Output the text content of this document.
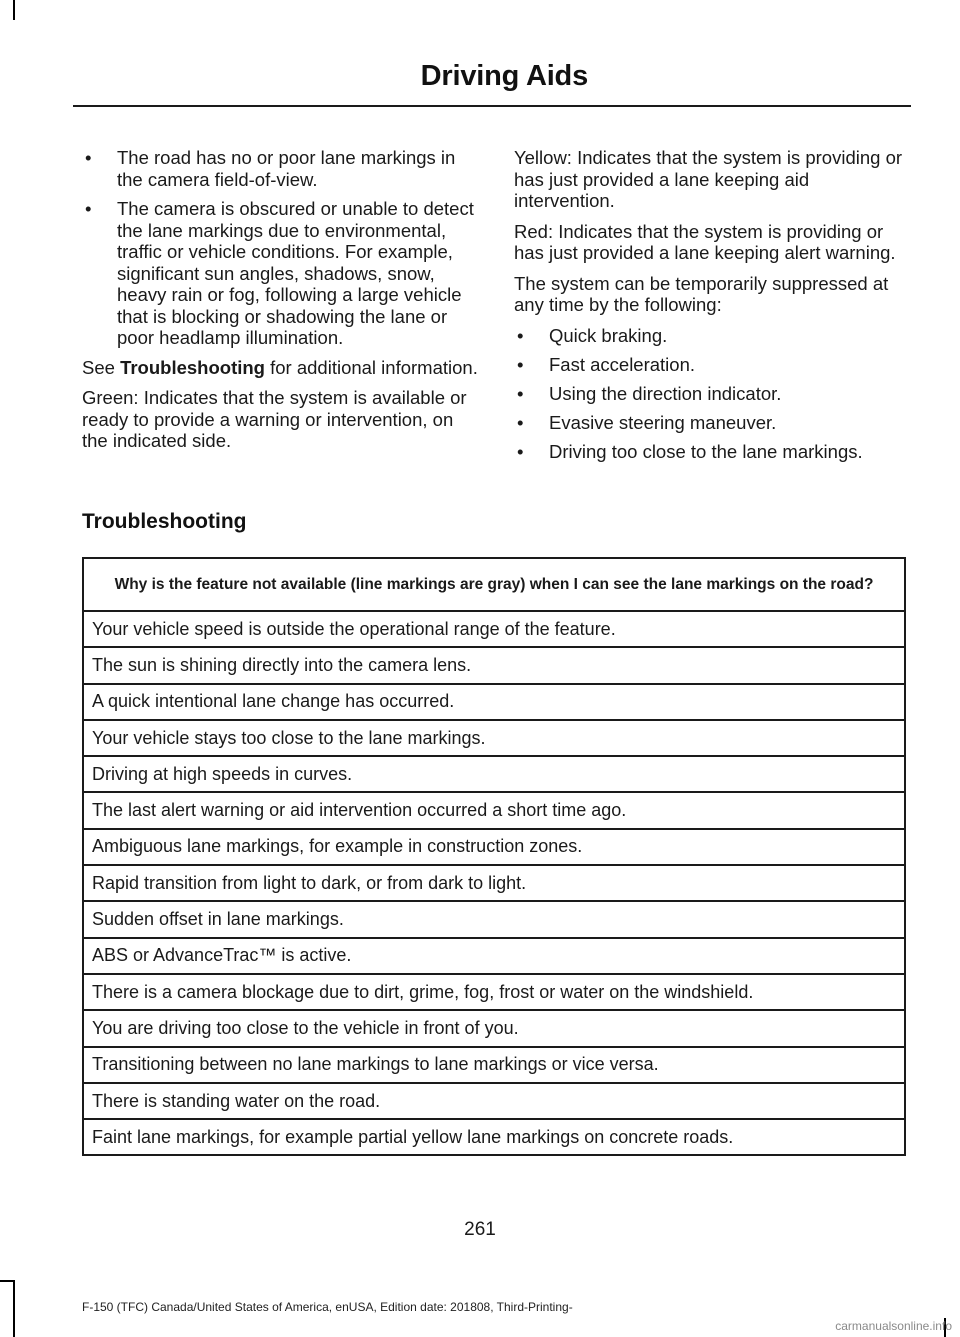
Driving Aids
• The road has no or poor lane markings in the camera field-of-view.
• The camera is obscured or unable to detect the lane markings due to environmental, traffic or vehicle conditions. For example, significant sun angles, shadows, snow, heavy rain or fog, following a large vehicle that is blocking or shadowing the lane or poor headlamp illumination.

See Troubleshooting for additional information.

Green: Indicates that the system is available or ready to provide a warning or intervention, on the indicated side.

Yellow: Indicates that the system is providing or has just provided a lane keeping aid intervention.

Red: Indicates that the system is providing or has just provided a lane keeping alert warning.

The system can be temporarily suppressed at any time by the following:

• Quick braking.
• Fast acceleration.
• Using the direction indicator.
• Evasive steering maneuver.
• Driving too close to the lane markings.
Troubleshooting
Why is the feature not available (line markings are gray) when I can see the lane markings on the road?
Your vehicle speed is outside the operational range of the feature.
The sun is shining directly into the camera lens.
A quick intentional lane change has occurred.
Your vehicle stays too close to the lane markings.
Driving at high speeds in curves.
The last alert warning or aid intervention occurred a short time ago.
Ambiguous lane markings, for example in construction zones.
Rapid transition from light to dark, or from dark to light.
Sudden offset in lane markings.
ABS or AdvanceTrac™ is active.
There is a camera blockage due to dirt, grime, fog, frost or water on the windshield.
You are driving too close to the vehicle in front of you.
Transitioning between no lane markings to lane markings or vice versa.
There is standing water on the road.
Faint lane markings, for example partial yellow lane markings on concrete roads.
261
F-150 (TFC) Canada/United States of America, enUSA, Edition date: 201808, Third-Printing-
carmanualsonline.info
